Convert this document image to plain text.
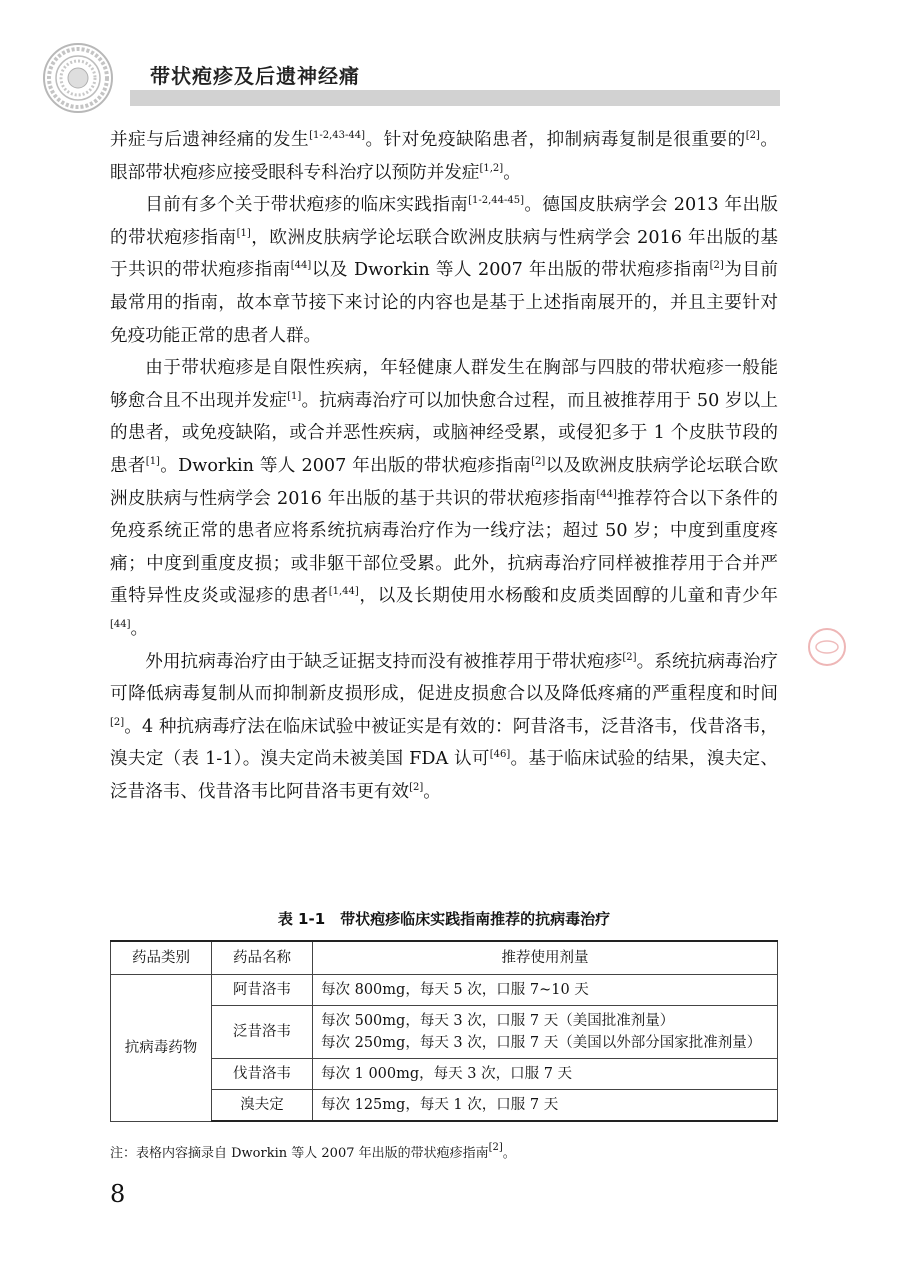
带状疱疹及后遗神经痛

并症与后遗神经痛的发生[1-2,43-44]。针对免疫缺陷患者，抑制病毒复制是很重要的[2]。眼部带状疱疹应接受眼科专科治疗以预防并发症[1,2]。

目前有多个关于带状疱疹的临床实践指南[1-2,44-45]。德国皮肤病学会 2013 年出版的带状疱疹指南[1]，欧洲皮肤病学论坛联合欧洲皮肤病与性病学会 2016 年出版的基于共识的带状疱疹指南[44]以及 Dworkin 等人 2007 年出版的带状疱疹指南[2]为目前最常用的指南，故本章节接下来讨论的内容也是基于上述指南展开的，并且主要针对免疫功能正常的患者人群。

由于带状疱疹是自限性疾病，年轻健康人群发生在胸部与四肢的带状疱疹一般能够愈合且不出现并发症[1]。抗病毒治疗可以加快愈合过程，而且被推荐用于 50 岁以上的患者，或免疫缺陷，或合并恶性疾病，或脑神经受累，或侵犯多于 1 个皮肤节段的患者[1]。Dworkin 等人 2007 年出版的带状疱疹指南[2]以及欧洲皮肤病学论坛联合欧洲皮肤病与性病学会 2016 年出版的基于共识的带状疱疹指南[44]推荐符合以下条件的免疫系统正常的患者应将系统抗病毒治疗作为一线疗法；超过 50 岁；中度到重度疼痛；中度到重度皮损；或非躯干部位受累。此外，抗病毒治疗同样被推荐用于合并严重特异性皮炎或湿疹的患者[1,44]，以及长期使用水杨酸和皮质类固醇的儿童和青少年[44]。

外用抗病毒治疗由于缺乏证据支持而没有被推荐用于带状疱疹[2]。系统抗病毒治疗可降低病毒复制从而抑制新皮损形成，促进皮损愈合以及降低疼痛的严重程度和时间[2]。4 种抗病毒疗法在临床试验中被证实是有效的：阿昔洛韦，泛昔洛韦，伐昔洛韦，溴夫定（表 1-1）。溴夫定尚未被美国 FDA 认可[46]。基于临床试验的结果，溴夫定、泛昔洛韦、伐昔洛韦比阿昔洛韦更有效[2]。

表 1-1　带状疱疹临床实践指南推荐的抗病毒治疗
药品类别	药品名称	推荐使用剂量
抗病毒药物	阿昔洛韦	每次 800mg，每天 5 次，口服 7~10 天

	泛昔洛韦	每次 500mg，每天 3 次，口服 7 天（美国批准剂量）
每次 250mg，每天 3 次，口服 7 天（美国以外部分国家批准剂量）

	伐昔洛韦	每次 1 000mg，每天 3 次，口服 7 天

	溴夫定	每次 125mg，每天 1 次，口服 7 天
注：表格内容摘录自 Dworkin 等人 2007 年出版的带状疱疹指南[2]。
8
